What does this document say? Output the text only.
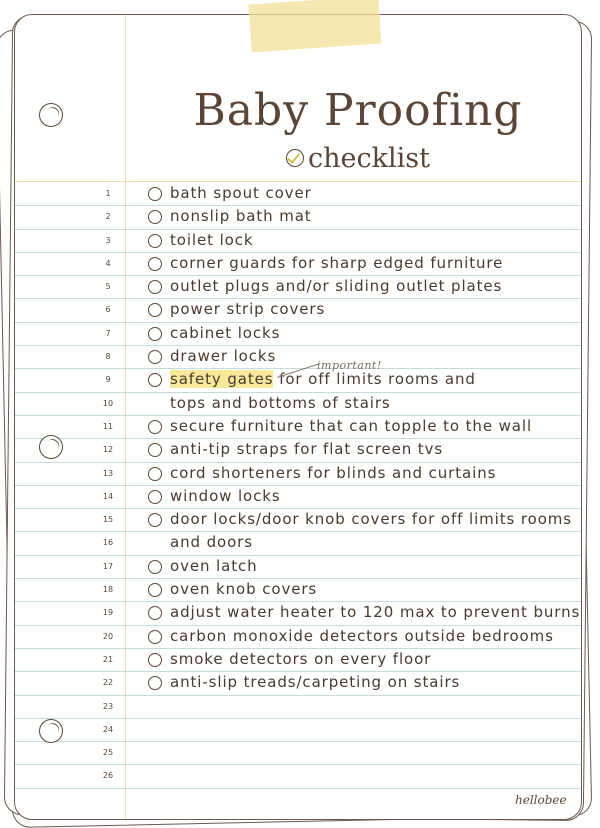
Baby Proofing
checklist
1	bath spout cover
2	nonslip bath mat
3	toilet lock
4	corner guards for sharp edged furniture
5	outlet plugs and/or sliding outlet plates
6	power strip covers
7	cabinet locks
8	drawer locks
9	safety gates for off limits rooms and
10	tops and bottoms of stairs
11	secure furniture that can topple to the wall
12	anti-tip straps for flat screen tvs
13	cord shorteners for blinds and curtains
14	window locks
15	door locks/door knob covers for off limits rooms
16	and doors
17	oven latch
18	oven knob covers
19	adjust water heater to 120 max to prevent burns
20	carbon monoxide detectors outside bedrooms
21	smoke detectors on every floor
22	anti-slip treads/carpeting on stairs
23
24
25
26
important!
hellobee
